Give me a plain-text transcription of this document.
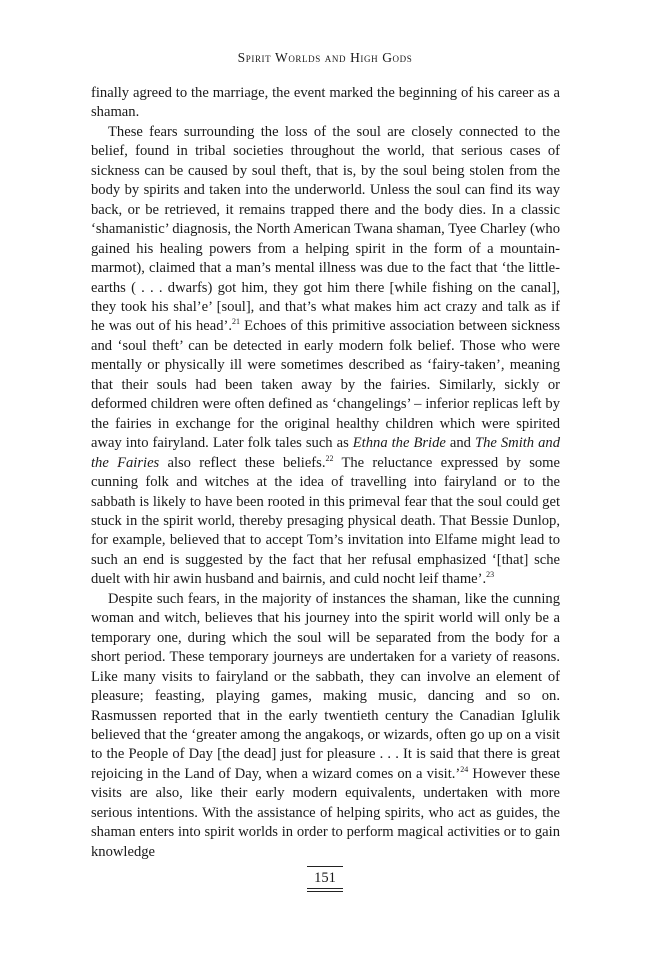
Spirit Worlds and High Gods

finally agreed to the marriage, the event marked the beginning of his career as a shaman.

These fears surrounding the loss of the soul are closely connected to the belief, found in tribal societies throughout the world, that serious cases of sickness can be caused by soul theft, that is, by the soul being stolen from the body by spirits and taken into the underworld. Unless the soul can find its way back, or be retrieved, it remains trapped there and the body dies. In a classic ‘shamanistic’ diagnosis, the North American Twana shaman, Tyee Charley (who gained his healing powers from a helping spirit in the form of a mountain-marmot), claimed that a man’s mental illness was due to the fact that ‘the little-earths ( . . . dwarfs) got him, they got him there [while fishing on the canal], they took his shal’e’ [soul], and that’s what makes him act crazy and talk as if he was out of his head’.$^{21}$ Echoes of this primitive association between sickness and ‘soul theft’ can be detected in early modern folk belief. Those who were mentally or physically ill were sometimes described as ‘fairy-taken’, meaning that their souls had been taken away by the fairies. Similarly, sickly or deformed children were often defined as ‘changelings’ – inferior replicas left by the fairies in exchange for the original healthy children which were spirited away into fairyland. Later folk tales such as Ethna the Bride and The Smith and the Fairies also reflect these beliefs.$^{22}$ The reluctance expressed by some cunning folk and witches at the idea of travelling into fairyland or to the sabbath is likely to have been rooted in this primeval fear that the soul could get stuck in the spirit world, thereby presaging physical death. That Bessie Dunlop, for example, believed that to accept Tom’s invitation into Elfame might lead to such an end is suggested by the fact that her refusal emphasized ‘[that] sche duelt with hir awin husband and bairnis, and culd nocht leif thame’.$^{23}$

Despite such fears, in the majority of instances the shaman, like the cunning woman and witch, believes that his journey into the spirit world will only be a temporary one, during which the soul will be separated from the body for a short period. These temporary journeys are undertaken for a variety of reasons. Like many visits to fairyland or the sabbath, they can involve an element of pleasure; feasting, playing games, making music, dancing and so on. Rasmussen reported that in the early twentieth century the Canadian Iglulik believed that the ‘greater among the angakoqs, or wizards, often go up on a visit to the People of Day [the dead] just for pleasure . . . It is said that there is great rejoicing in the Land of Day, when a wizard comes on a visit.’$^{24}$ However these visits are also, like their early modern equivalents, undertaken with more serious intentions. With the assistance of helping spirits, who act as guides, the shaman enters into spirit worlds in order to perform magical activities or to gain knowledge

151
